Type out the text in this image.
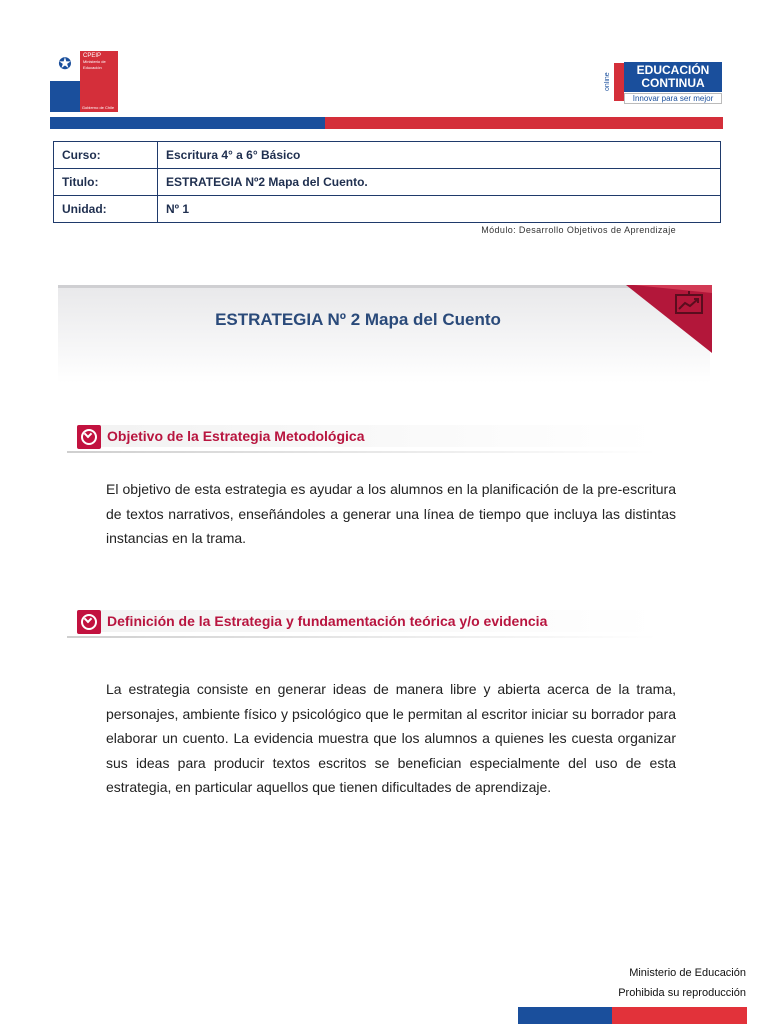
✪	CPEIP
Ministerio de Educación
Gobierno de Chile
online
EDUCACIÓN
CONTINUA
Innovar para ser mejor
Curso:	Escritura 4° a 6° Básico
Titulo:	ESTRATEGIA Nº2 Mapa del Cuento.
Unidad:	Nº 1
Módulo: Desarrollo Objetivos de Aprendizaje
ESTRATEGIA Nº 2 Mapa del Cuento
Objetivo de la Estrategia Metodológica
El objetivo de esta estrategia es ayudar a los alumnos en la planificación de la pre-escritura de textos narrativos, enseñándoles a generar una línea de tiempo que incluya las distintas instancias en la trama.
Definición de la Estrategia y fundamentación teórica y/o evidencia
La estrategia consiste en generar ideas de manera libre y abierta acerca de la trama, personajes, ambiente físico y psicológico que le permitan al escritor iniciar su borrador para elaborar un cuento. La evidencia muestra que los alumnos a quienes les cuesta organizar sus ideas para producir textos escritos se benefician especialmente del uso de esta estrategia, en particular aquellos que tienen dificultades de aprendizaje.
Ministerio de Educación
Prohibida su reproducción
